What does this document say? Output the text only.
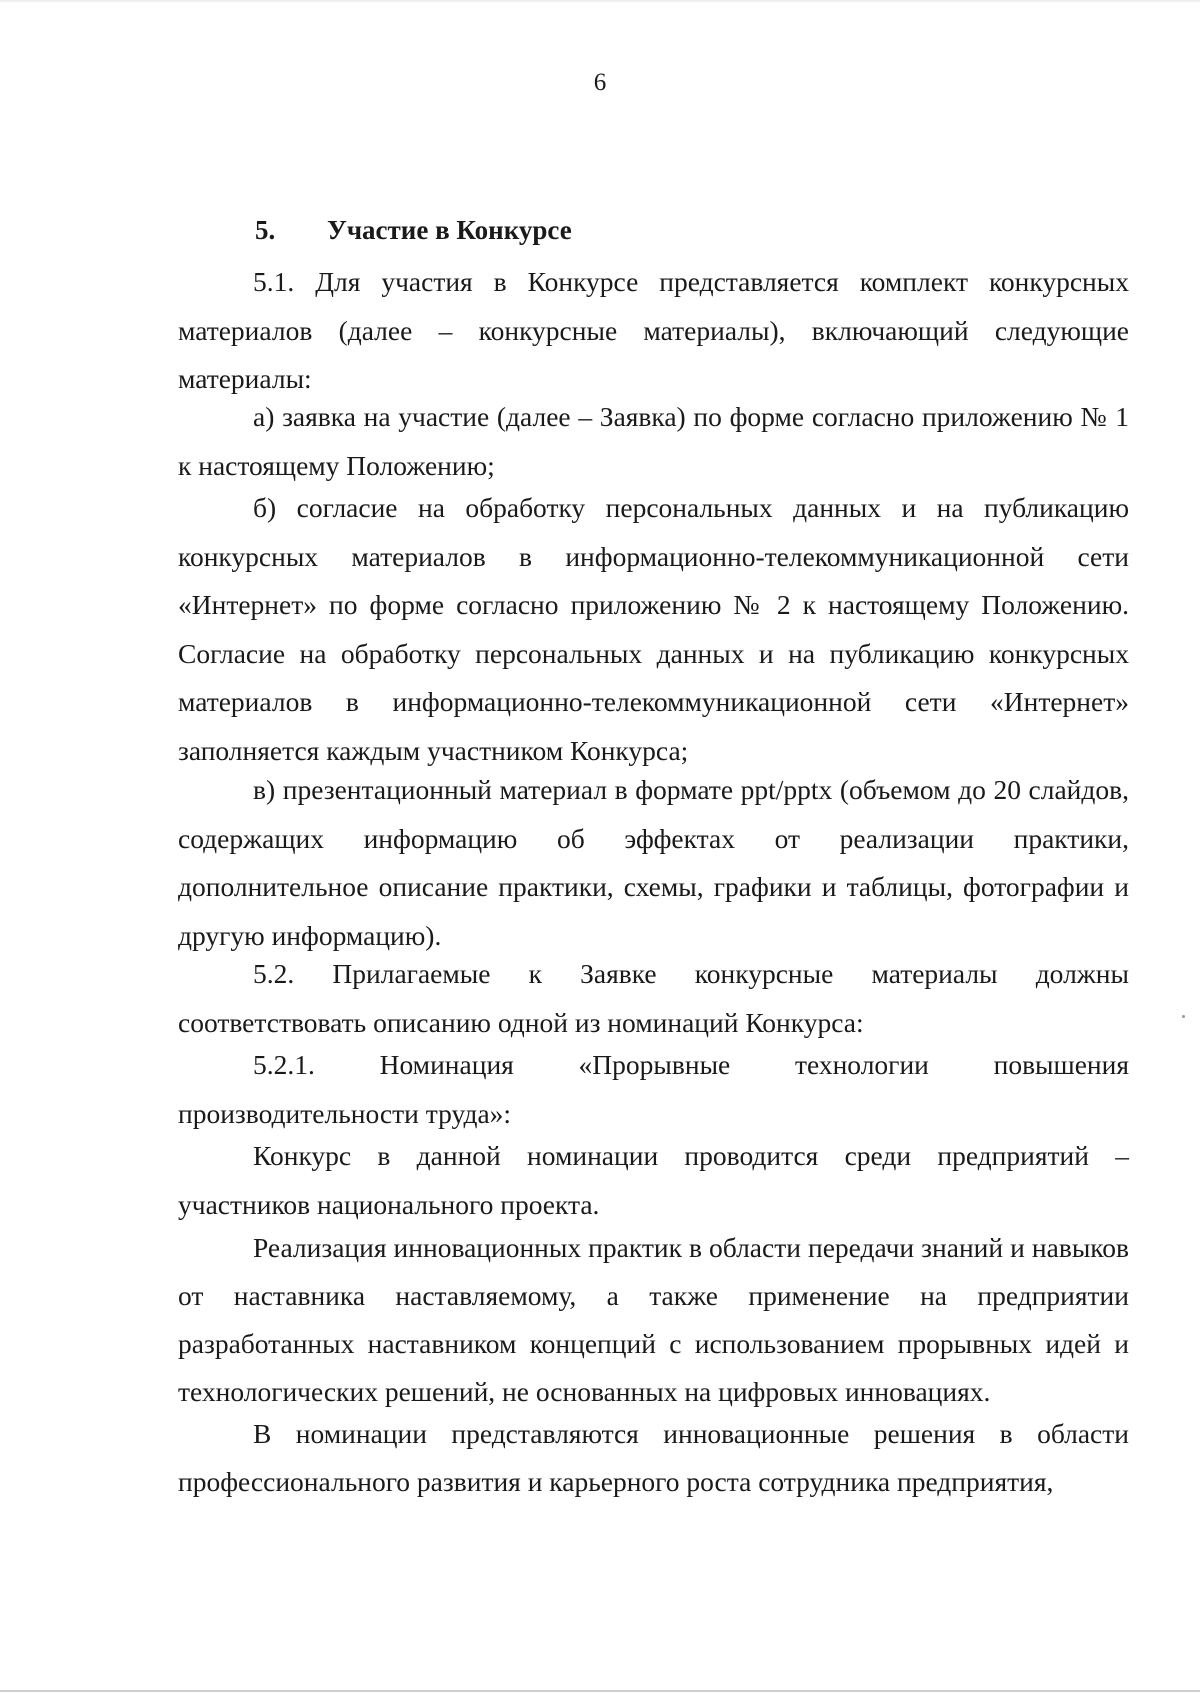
6
5. Участие в Конкурсе

5.1. Для участия в Конкурсе представляется комплект конкурсных материалов (далее – конкурсные материалы), включающий следующие материалы:

а) заявка на участие (далее – Заявка) по форме согласно приложению № 1 к настоящему Положению;

б) согласие на обработку персональных данных и на публикацию конкурсных материалов в информационно-телекоммуникационной сети «Интернет» по форме согласно приложению № 2 к настоящему Положению. Согласие на обработку персональных данных и на публикацию конкурсных материалов в информационно-телекоммуникационной сети «Интернет» заполняется каждым участником Конкурса;

в) презентационный материал в формате ppt/pptx (объемом до 20 слайдов, содержащих информацию об эффектах от реализации практики, дополнительное описание практики, схемы, графики и таблицы, фотографии и другую информацию).

5.2. Прилагаемые к Заявке конкурсные материалы должны соответствовать описанию одной из номинаций Конкурса:

5.2.1. Номинация «Прорывные технологии повышения производительности труда»:

Конкурс в данной номинации проводится среди предприятий – участников национального проекта.

Реализация инновационных практик в области передачи знаний и навыков от наставника наставляемому, а также применение на предприятии разработанных наставником концепций с использованием прорывных идей и технологических решений, не основанных на цифровых инновациях.

В номинации представляются инновационные решения в области профессионального развития и карьерного роста сотрудника предприятия,
